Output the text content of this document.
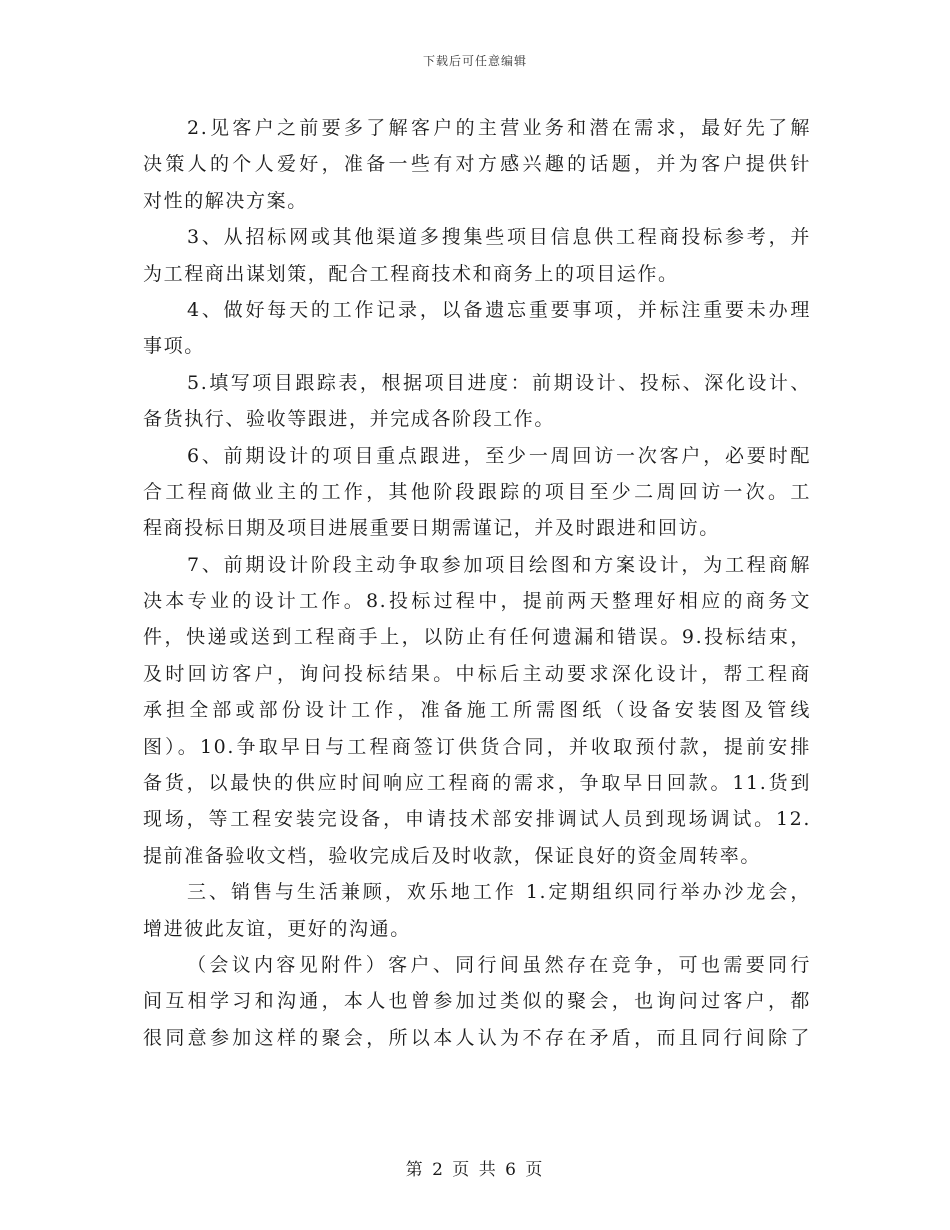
下载后可任意编辑
2.见客户之前要多了解客户的主营业务和潜在需求，最好先了解
决策人的个人爱好，准备一些有对方感兴趣的话题，并为客户提供针
对性的解决方案。
3、从招标网或其他渠道多搜集些项目信息供工程商投标参考，并
为工程商出谋划策，配合工程商技术和商务上的项目运作。
4、做好每天的工作记录，以备遗忘重要事项，并标注重要未办理
事项。
5.填写项目跟踪表，根据项目进度：前期设计、投标、深化设计、
备货执行、验收等跟进，并完成各阶段工作。
6、前期设计的项目重点跟进，至少一周回访一次客户，必要时配
合工程商做业主的工作，其他阶段跟踪的项目至少二周回访一次。工
程商投标日期及项目进展重要日期需谨记，并及时跟进和回访。
7、前期设计阶段主动争取参加项目绘图和方案设计，为工程商解
决本专业的设计工作。8.投标过程中，提前两天整理好相应的商务文
件，快递或送到工程商手上，以防止有任何遗漏和错误。9.投标结束，
及时回访客户，询问投标结果。中标后主动要求深化设计，帮工程商
承担全部或部份设计工作，准备施工所需图纸（设备安装图及管线
图）。10.争取早日与工程商签订供货合同，并收取预付款，提前安排
备货，以最快的供应时间响应工程商的需求，争取早日回款。11.货到
现场，等工程安装完设备，申请技术部安排调试人员到现场调试。12.
提前准备验收文档，验收完成后及时收款，保证良好的资金周转率。
三、销售与生活兼顾，欢乐地工作 1.定期组织同行举办沙龙会，
增进彼此友谊，更好的沟通。
（会议内容见附件）客户、同行间虽然存在竞争，可也需要同行
间互相学习和沟通，本人也曾参加过类似的聚会，也询问过客户，都
很同意参加这样的聚会，所以本人认为不存在矛盾，而且同行间除了
第 2 页 共 6 页
